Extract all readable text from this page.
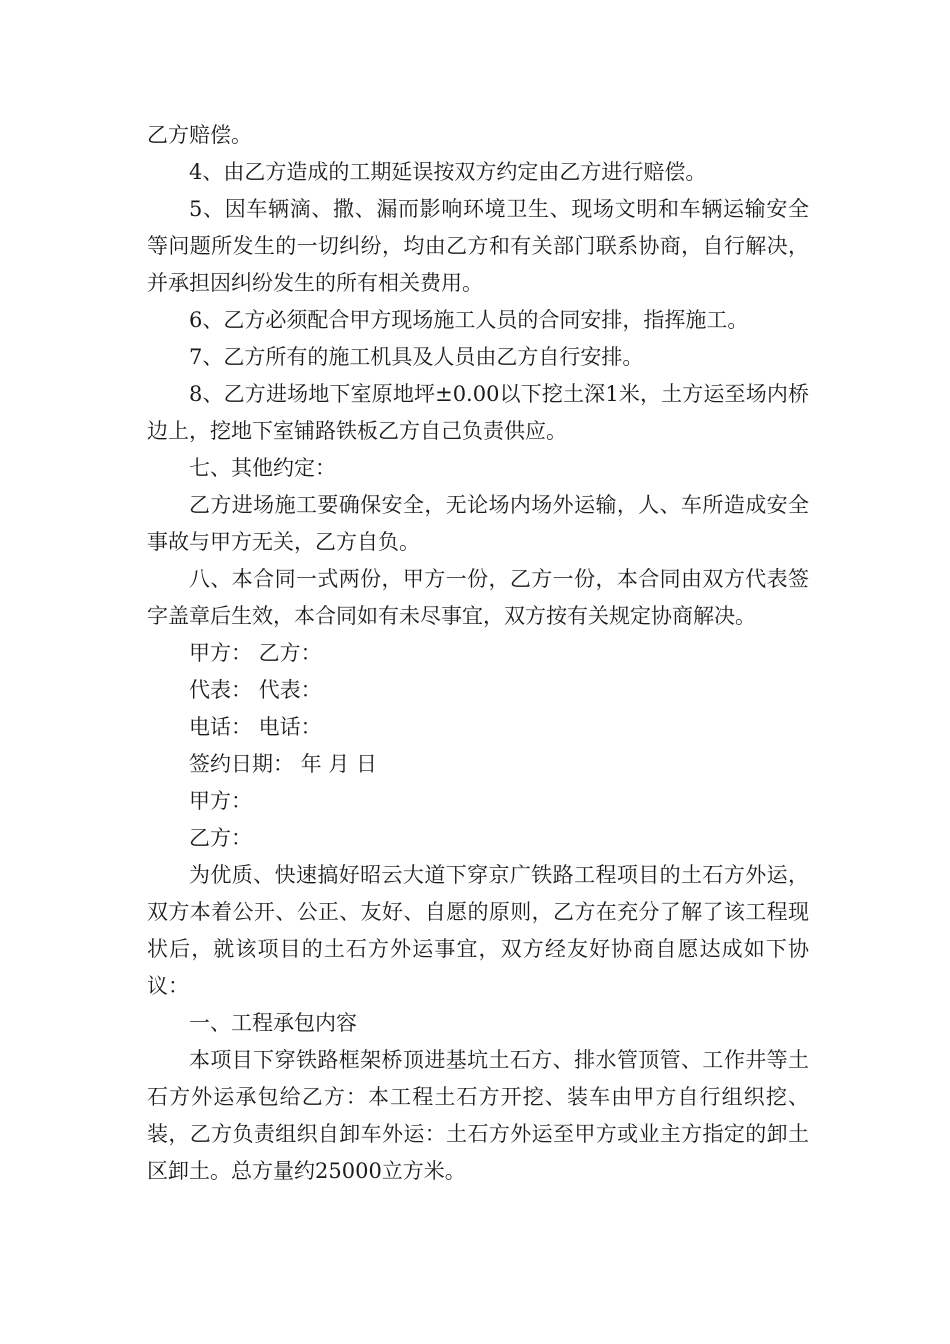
乙方赔偿。

4、由乙方造成的工期延误按双方约定由乙方进行赔偿。

5、因车辆滴、撒、漏而影响环境卫生、现场文明和车辆运输安全等问题所发生的一切纠纷，均由乙方和有关部门联系协商，自行解决，并承担因纠纷发生的所有相关费用。

6、乙方必须配合甲方现场施工人员的合同安排，指挥施工。

7、乙方所有的施工机具及人员由乙方自行安排。

8、乙方进场地下室原地坪±0.00以下挖土深1米，土方运至场内桥边上，挖地下室铺路铁板乙方自己负责供应。

七、其他约定：

乙方进场施工要确保安全，无论场内场外运输，人、车所造成安全事故与甲方无关，乙方自负。

八、本合同一式两份，甲方一份，乙方一份，本合同由双方代表签字盖章后生效，本合同如有未尽事宜，双方按有关规定协商解决。

甲方： 乙方：

代表： 代表：

电话： 电话：

签约日期： 年 月 日

甲方：

乙方：

为优质、快速搞好昭云大道下穿京广铁路工程项目的土石方外运，双方本着公开、公正、友好、自愿的原则，乙方在充分了解了该工程现状后，就该项目的土石方外运事宜，双方经友好协商自愿达成如下协议：

一、工程承包内容

本项目下穿铁路框架桥顶进基坑土石方、排水管顶管、工作井等土石方外运承包给乙方：本工程土石方开挖、装车由甲方自行组织挖、装，乙方负责组织自卸车外运：土石方外运至甲方或业主方指定的卸土区卸土。总方量约25000立方米。
